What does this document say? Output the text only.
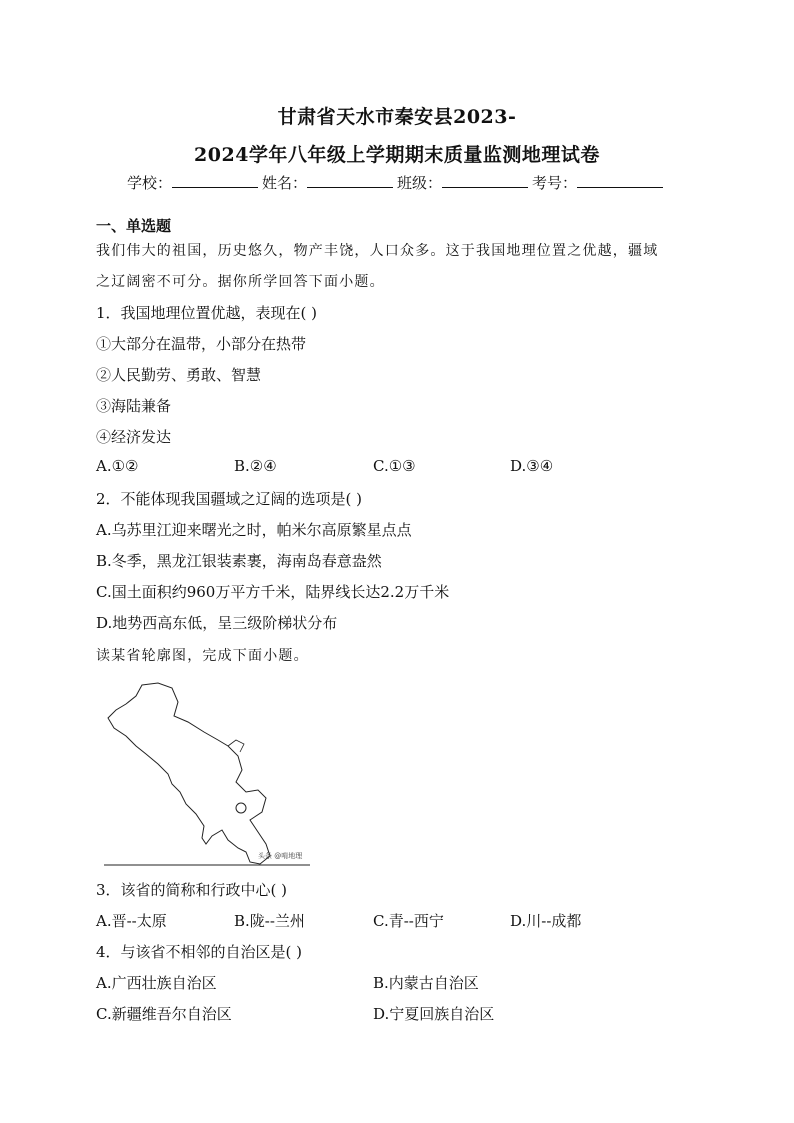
甘肃省天水市秦安县2023-
2024学年八年级上学期期末质量监测地理试卷
学校：	姓名：	班级：	考号：
一、单选题
我们伟大的祖国，历史悠久，物产丰饶，人口众多。这于我国地理位置之优越，疆域
之辽阔密不可分。据你所学回答下面小题。
1．我国地理位置优越，表现在( )
①大部分在温带，小部分在热带
②人民勤劳、勇敢、智慧
③海陆兼备
④经济发达
A.①②	B.②④	C.①③	D.③④
2．不能体现我国疆域之辽阔的选项是( )
A.乌苏里江迎来曙光之时，帕米尔高原繁星点点
B.冬季，黑龙江银装素裹，海南岛春意盎然
C.国土面积约960万平方千米，陆界线长达2.2万千米
D.地势西高东低，呈三级阶梯状分布
读某省轮廓图，完成下面小题。
头条 @啃地理
3．该省的简称和行政中心( )
A.晋--太原	B.陇--兰州	C.青--西宁	D.川--成都
4．与该省不相邻的自治区是( )
A.广西壮族自治区	B.内蒙古自治区
C.新疆维吾尔自治区	D.宁夏回族自治区
